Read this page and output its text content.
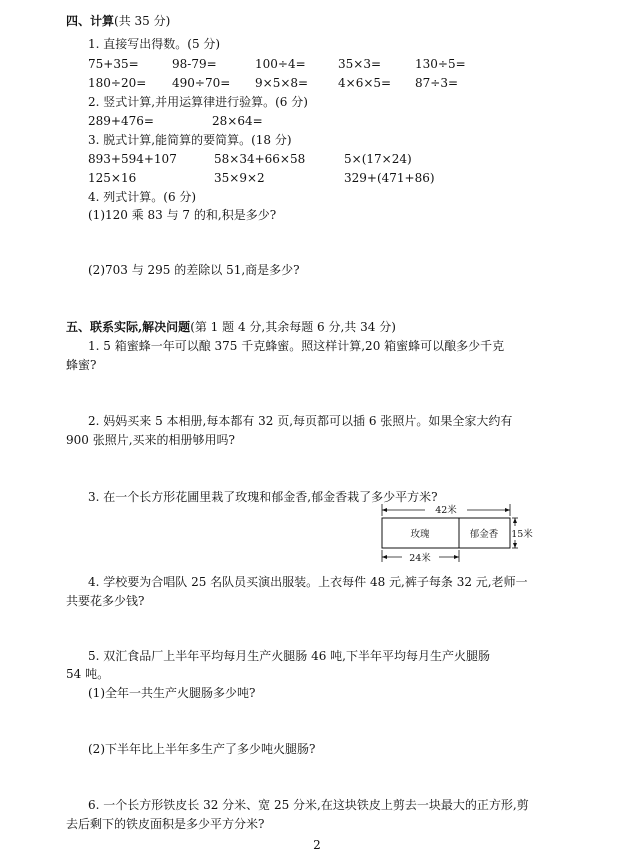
四、计算(共 35 分)
1. 直接写出得数。(5 分)
75+35=	98-79=	100÷4=	35×3=	130÷5=
180÷20= 490÷70= 9×5×8= 4×6×5= 87÷3=
2. 竖式计算,并用运算律进行验算。(6 分)
289+476=	28×64=
3. 脱式计算,能简算的要简算。(18 分)
893+594+107	58×34+66×58	5×(17×24)
125×16	35×9×2	329+(471+86)
4. 列式计算。(6 分)
(1)120 乘 83 与 7 的和,积是多少?
(2)703 与 295 的差除以 51,商是多少?
五、联系实际,解决问题(第 1 题 4 分,其余每题 6 分,共 34 分)
1. 5 箱蜜蜂一年可以酿 375 千克蜂蜜。照这样计算,20 箱蜜蜂可以酿多少千克
蜂蜜?
2. 妈妈买来 5 本相册,每本都有 32 页,每页都可以插 6 张照片。如果全家大约有
900 张照片,买来的相册够用吗?
3. 在一个长方形花圃里栽了玫瑰和郁金香,郁金香栽了多少平方米?
42米
玫瑰	郁金香 15米
24米
4. 学校要为合唱队 25 名队员买演出服装。上衣每件 48 元,裤子每条 32 元,老师一
共要花多少钱?
5. 双汇食品厂上半年平均每月生产火腿肠 46 吨,下半年平均每月生产火腿肠
54 吨。
(1)全年一共生产火腿肠多少吨?
(2)下半年比上半年多生产了多少吨火腿肠?
6. 一个长方形铁皮长 32 分米、宽 25 分米,在这块铁皮上剪去一块最大的正方形,剪
去后剩下的铁皮面积是多少平方分米?
2
